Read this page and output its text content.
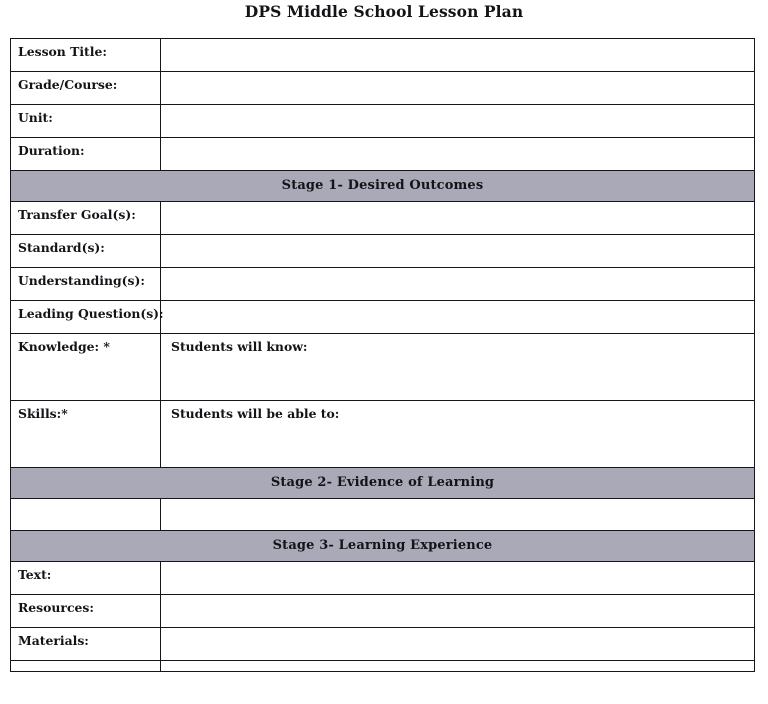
DPS Middle School Lesson Plan
Lesson Title:	

Grade/Course:	

Unit:	

Duration:	

Stage 1- Desired Outcomes	

Transfer Goal(s):	

Standard(s):	

Understanding(s):	

Leading Question(s):	

Knowledge: *	Students will know:

Skills:*	Students will be able to:

Stage 2- Evidence of Learning	

Stage 3- Learning Experience	

Text:	

Resources:	

Materials:	
